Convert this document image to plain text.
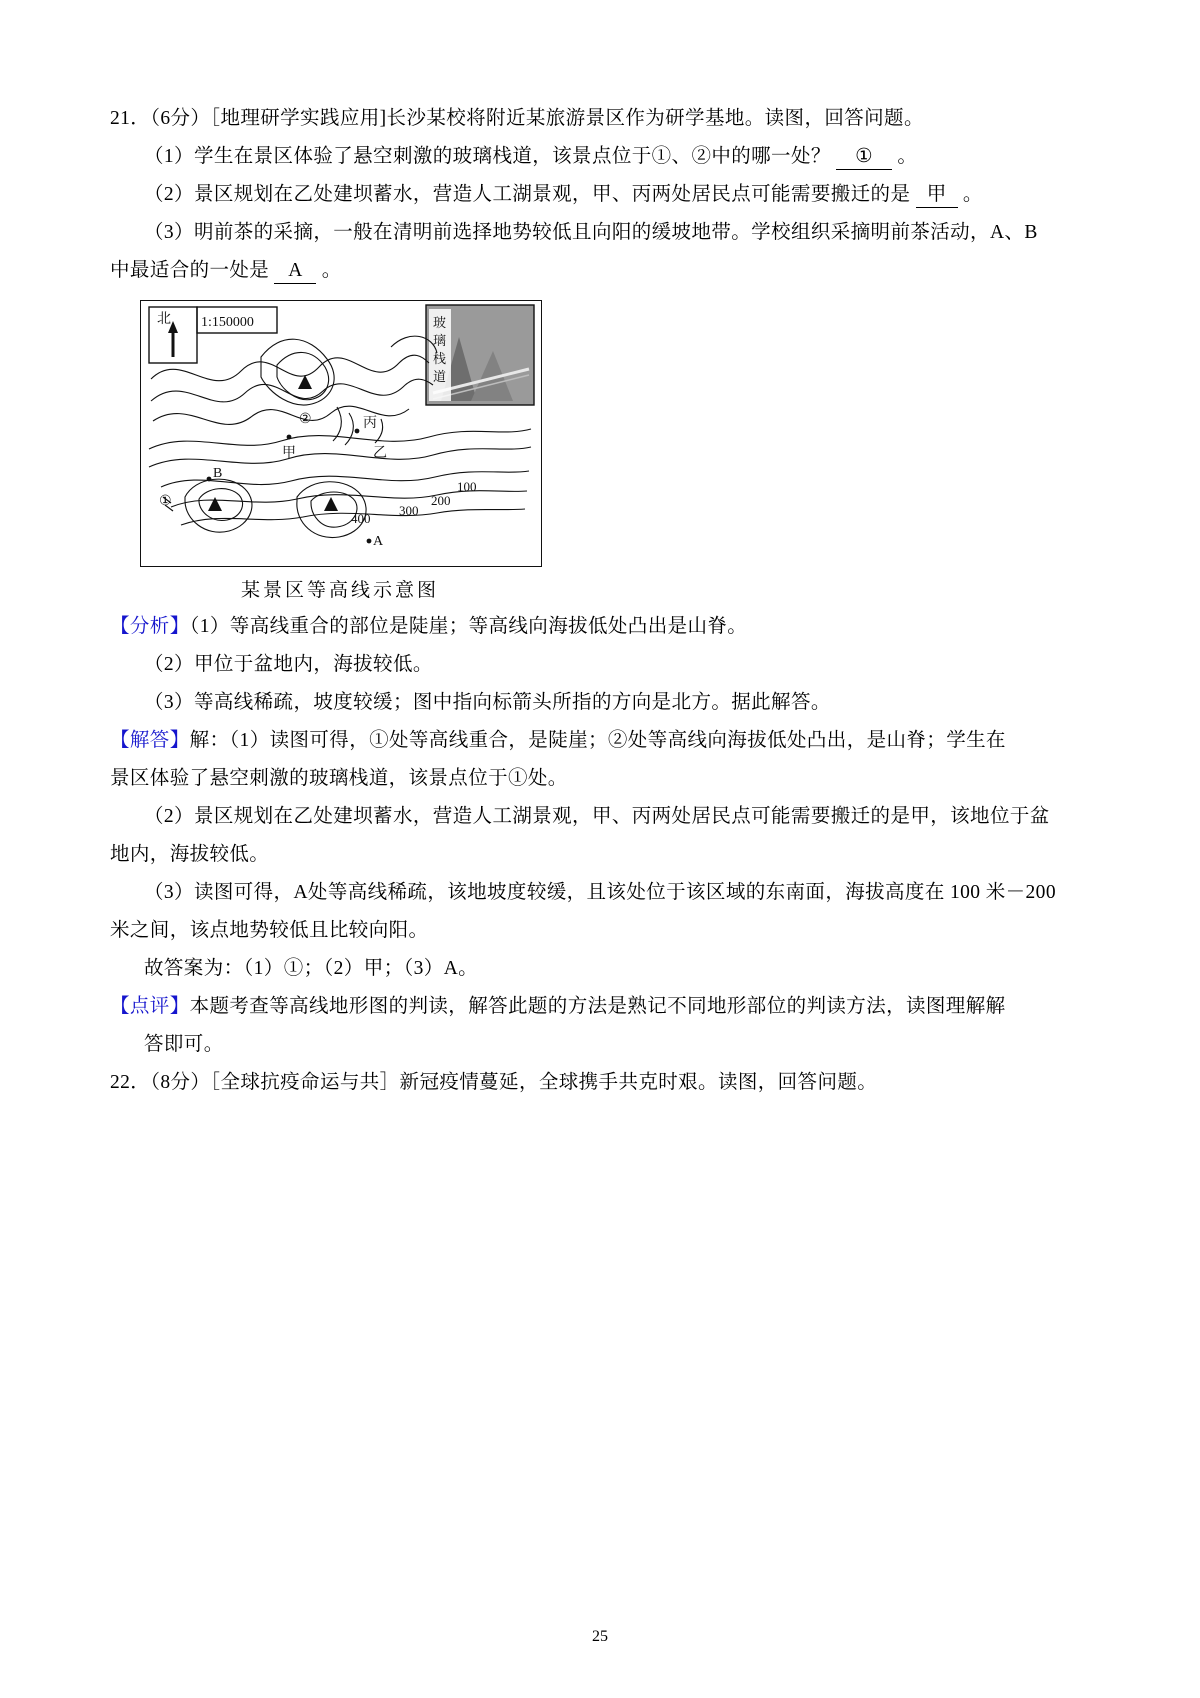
21．（6分）［地理研学实践应用]长沙某校将附近某旅游景区作为研学基地。读图，回答问题。
（1）学生在景区体验了悬空刺激的玻璃栈道，该景点位于①、②中的哪一处？ ① 。
（2）景区规划在乙处建坝蓄水，营造人工湖景观，甲、丙两处居民点可能需要搬迁的是 甲 。
（3）明前茶的采摘，一般在清明前选择地势较低且向阳的缓坡地带。学校组织采摘明前茶活动，A、B
中最适合的一处是 A 。
北 1:150000	玻
璃
栈
道
②
甲
丙
乙
①
B
A
100
200
300
400
某景区等高线示意图
【分析】（1）等高线重合的部位是陡崖；等高线向海拔低处凸出是山脊。
（2）甲位于盆地内，海拔较低。
（3）等高线稀疏，坡度较缓；图中指向标箭头所指的方向是北方。据此解答。
【解答】解：（1）读图可得，①处等高线重合，是陡崖；②处等高线向海拔低处凸出，是山脊；学生在
景区体验了悬空刺激的玻璃栈道，该景点位于①处。
（2）景区规划在乙处建坝蓄水，营造人工湖景观，甲、丙两处居民点可能需要搬迁的是甲，该地位于盆
地内，海拔较低。
（3）读图可得，A处等高线稀疏，该地坡度较缓，且该处位于该区域的东南面，海拔高度在 100 米－200
米之间，该点地势较低且比较向阳。
故答案为：（1）①；（2）甲；（3）A。
【点评】本题考查等高线地形图的判读，解答此题的方法是熟记不同地形部位的判读方法，读图理解解
答即可。
22．（8分）［全球抗疫命运与共］新冠疫情蔓延，全球携手共克时艰。读图，回答问题。
25
